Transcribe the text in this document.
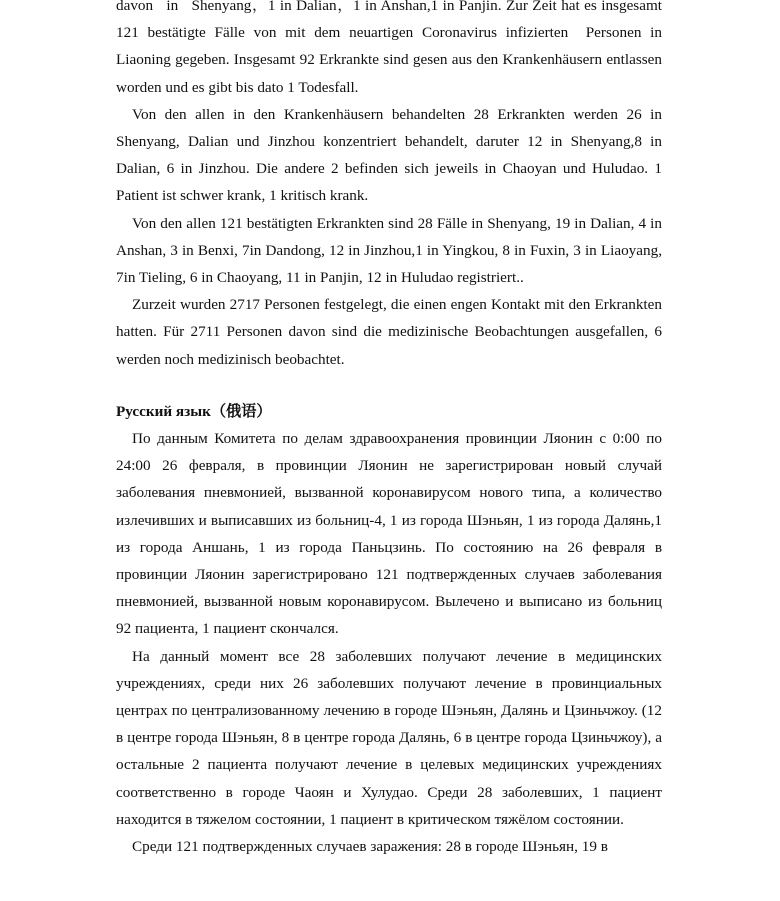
davon   in   Shenyang，1 in Dalian，1 in Anshan,1 in Panjin. Zur Zeit hat es insgesamt 121 bestätigte Fälle von mit dem neuartigen Coronavirus infizierten  Personen in Liaoning gegeben. Insgesamt 92 Erkrankte sind gesen aus den Krankenhäusern entlassen worden und es gibt bis dato 1 Todesfall.

Von den allen in den Krankenhäusern behandelten 28 Erkrankten werden 26 in Shenyang, Dalian und Jinzhou konzentriert behandelt, daruter 12 in Shenyang,8 in Dalian, 6 in Jinzhou. Die andere 2 befinden sich jeweils in Chaoyan und Huludao. 1 Patient ist schwer krank, 1 kritisch krank.

Von den allen 121 bestätigten Erkrankten sind 28 Fälle in Shenyang, 19 in Dalian, 4 in Anshan, 3 in Benxi, 7in Dandong, 12 in Jinzhou,1 in Yingkou, 8 in Fuxin, 3 in Liaoyang, 7in Tieling, 6 in Chaoyang, 11 in Panjin, 12 in Huludao registriert..

Zurzeit wurden 2717 Personen festgelegt, die einen engen Kontakt mit den Erkrankten hatten. Für 2711 Personen davon sind die medizinische Beobachtungen ausgefallen, 6 werden noch medizinisch beobachtet.

Русский язык（俄语）

По данным Комитета по делам здравоохранения провинции Ляонин с 0:00 по 24:00 26 февраля, в провинции Ляонин не зарегистрирован новый случай заболевания пневмонией, вызванной коронавирусом нового типа, а количество излечивших и выписавших из больниц-4, 1 из города Шэньян, 1 из города Далянь,1 из города Аншань, 1 из города Паньцзинь. По состоянию на 26 февраля в провинции Ляонин зарегистрировано 121 подтвержденных случаев заболевания пневмонией, вызванной новым коронавирусом. Вылечено и выписано из больниц 92 пациента, 1 пациент скончался.

На данный момент все 28 заболевших получают лечение в медицинских учреждениях, среди них 26 заболевших получают лечение в провинциальных центрах по централизованному лечению в городе Шэньян, Далянь и Цзиньчжоу. (12 в центре города Шэньян, 8 в центре города Далянь, 6 в центре города Цзиньчжоу), а остальные 2 пациента получают лечение в целевых медицинских учреждениях соответственно в городе Чаоян и Хулудао. Среди 28 заболевших, 1 пациент находится в тяжелом состоянии, 1 пациент в критическом тяжёлом состоянии.

Среди 121 подтвержденных случаев заражения: 28 в городе Шэньян, 19 в
